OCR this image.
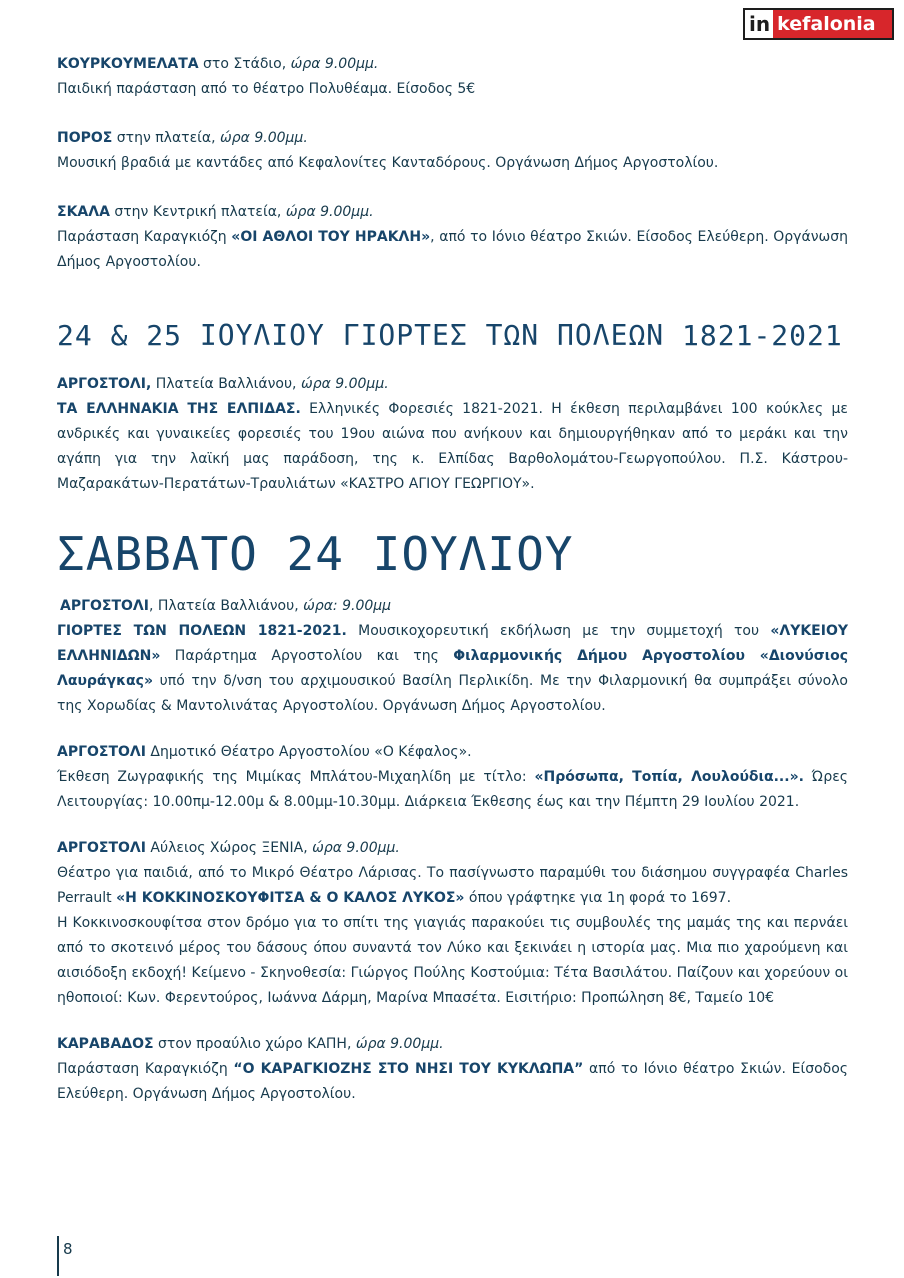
in kefalonia

ΚΟΥΡΚΟΥΜΕΛΑΤΑ στο Στάδιο, ώρα 9.00μμ.

Παιδική παράσταση από το θέατρο Πολυθέαμα. Είσοδος 5€

ΠΟΡΟΣ στην πλατεία, ώρα 9.00μμ.

Μουσική βραδιά με καντάδες από Κεφαλονίτες Κανταδόρους. Οργάνωση Δήμος Αργοστολίου.

ΣΚΑΛΑ στην Κεντρική πλατεία, ώρα 9.00μμ.

Παράσταση Καραγκιόζη «ΟΙ ΑΘΛΟΙ ΤΟΥ ΗΡΑΚΛΗ», από το Ιόνιο θέατρο Σκιών. Είσοδος Ελεύθερη. Οργάνωση Δήμος Αργοστολίου.

24 & 25 ΙΟΥΛΙΟΥ ΓΙΟΡΤΕΣ ΤΩΝ ΠΟΛΕΩΝ 1821-2021

ΑΡΓΟΣΤΟΛΙ, Πλατεία Βαλλιάνου, ώρα 9.00μμ.

ΤΑ ΕΛΛΗΝΑΚΙΑ ΤΗΣ ΕΛΠΙΔΑΣ. Ελληνικές Φορεσιές 1821-2021. Η έκθεση περιλαμβάνει 100 κούκλες με ανδρικές και γυναικείες φορεσιές του 19ου αιώνα που ανήκουν και δημιουργήθηκαν από το μεράκι και την αγάπη για την λαϊκή μας παράδοση, της κ. Ελπίδας Βαρθολομάτου-Γεωργοπούλου. Π.Σ. Κάστρου-Μαζαρακάτων-Περατάτων-Τραυλιάτων «ΚΑΣΤΡΟ ΑΓΙΟΥ ΓΕΩΡΓΙΟΥ».

ΣΑΒΒΑΤΟ 24 ΙΟΥΛΙΟΥ

ΑΡΓΟΣΤΟΛΙ, Πλατεία Βαλλιάνου, ώρα: 9.00μμ

ΓΙΟΡΤΕΣ ΤΩΝ ΠΟΛΕΩΝ 1821-2021. Μουσικοχορευτική εκδήλωση με την συμμετοχή του «ΛΥΚΕΙΟΥ ΕΛΛΗΝΙΔΩΝ» Παράρτημα Αργοστολίου και της Φιλαρμονικής Δήμου Αργοστολίου «Διονύσιος Λαυράγκας» υπό την δ/νση του αρχιμουσικού Βασίλη Περλικίδη. Με την Φιλαρμονική θα συμπράξει σύνολο της Χορωδίας & Μαντολινάτας Αργοστολίου. Οργάνωση Δήμος Αργοστολίου.

ΑΡΓΟΣΤΟΛΙ Δημοτικό Θέατρο Αργοστολίου «Ο Κέφαλος».

Έκθεση Ζωγραφικής της Μιμίκας Μπλάτου-Μιχαηλίδη με τίτλο: «Πρόσωπα, Τοπία, Λουλούδια...». Ώρες Λειτουργίας: 10.00πμ-12.00μ & 8.00μμ-10.30μμ. Διάρκεια Έκθεσης έως και την Πέμπτη 29 Ιουλίου 2021.

ΑΡΓΟΣΤΟΛΙ Αύλειος Χώρος ΞΕΝΙΑ, ώρα 9.00μμ.

Θέατρο για παιδιά, από το Μικρό Θέατρο Λάρισας. Το πασίγνωστο παραμύθι του διάσημου συγγραφέα Charles Perrault «Η ΚΟΚΚΙΝΟΣΚΟΥΦΙΤΣΑ & Ο ΚΑΛΟΣ ΛΥΚΟΣ» όπου γράφτηκε για 1η φορά το 1697.

Η Κοκκινοσκουφίτσα στον δρόμο για το σπίτι της γιαγιάς παρακούει τις συμβουλές της μαμάς της και περνάει από το σκοτεινό μέρος του δάσους όπου συναντά τον Λύκο και ξεκινάει η ιστορία μας. Μια πιο χαρούμενη και αισιόδοξη εκδοχή! Κείμενο - Σκηνοθεσία: Γιώργος Πούλης Κοστούμια: Τέτα Βασιλάτου. Παίζουν και χορεύουν οι ηθοποιοί: Κων. Φερεντούρος, Ιωάννα Δάρμη, Μαρίνα Μπασέτα. Εισιτήριο: Προπώληση 8€, Ταμείο 10€

ΚΑΡΑΒΑΔΟΣ στον προαύλιο χώρο ΚΑΠΗ, ώρα 9.00μμ.

Παράσταση Καραγκιόζη “Ο ΚΑΡΑΓΚΙΟΖΗΣ ΣΤΟ ΝΗΣΙ ΤΟΥ ΚΥΚΛΩΠΑ” από το Ιόνιο θέατρο Σκιών. Είσοδος Ελεύθερη. Οργάνωση Δήμος Αργοστολίου.

8
